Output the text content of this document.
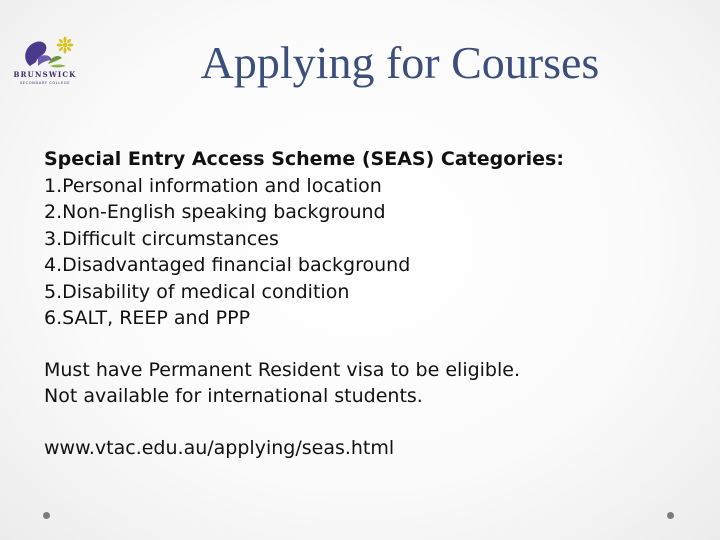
BRUNSWICK
SECONDARY COLLEGE	Applying for Courses
Special Entry Access Scheme (SEAS) Categories:
1.Personal information and location
2.Non-English speaking background
3.Difficult circumstances
4.Disadvantaged financial background
5.Disability of medical condition
6.SALT, REEP and PPP
Must have Permanent Resident visa to be eligible.
Not available for international students.
www.vtac.edu.au/applying/seas.html
